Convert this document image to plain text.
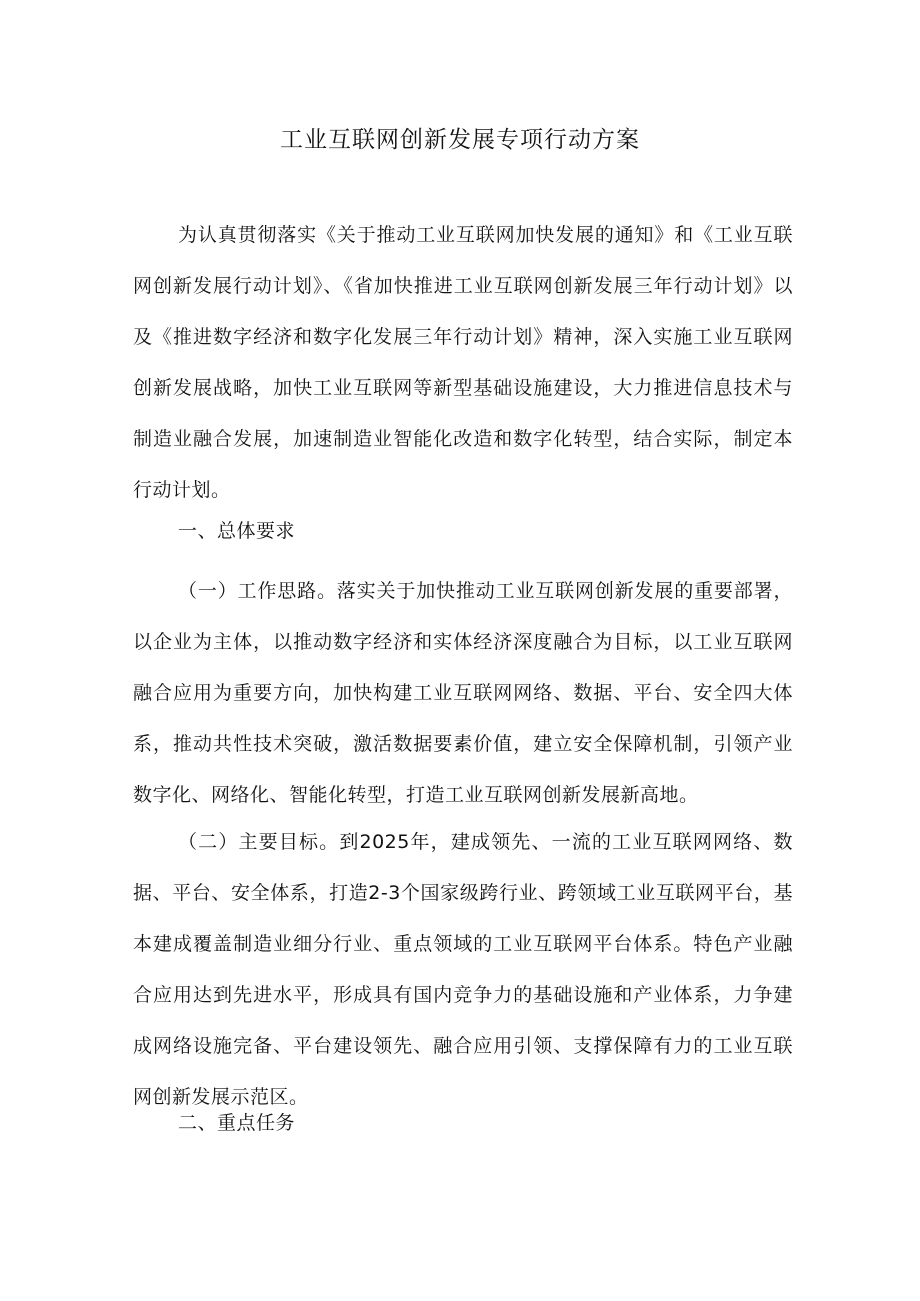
工业互联网创新发展专项行动方案

为认真贯彻落实《关于推动工业互联网加快发展的通知》和《工业互联网创新发展行动计划》、《省加快推进工业互联网创新发展三年行动计划》以及《推进数字经济和数字化发展三年行动计划》精神，深入实施工业互联网创新发展战略，加快工业互联网等新型基础设施建设，大力推进信息技术与制造业融合发展，加速制造业智能化改造和数字化转型，结合实际，制定本行动计划。

一、总体要求

（一）工作思路。落实关于加快推动工业互联网创新发展的重要部署，以企业为主体，以推动数字经济和实体经济深度融合为目标，以工业互联网融合应用为重要方向，加快构建工业互联网网络、数据、平台、安全四大体系，推动共性技术突破，激活数据要素价值，建立安全保障机制，引领产业数字化、网络化、智能化转型，打造工业互联网创新发展新高地。

（二）主要目标。到2025年，建成领先、一流的工业互联网网络、数据、平台、安全体系，打造2-3个国家级跨行业、跨领域工业互联网平台，基本建成覆盖制造业细分行业、重点领域的工业互联网平台体系。特色产业融合应用达到先进水平，形成具有国内竞争力的基础设施和产业体系，力争建成网络设施完备、平台建设领先、融合应用引领、支撑保障有力的工业互联网创新发展示范区。

二、重点任务
